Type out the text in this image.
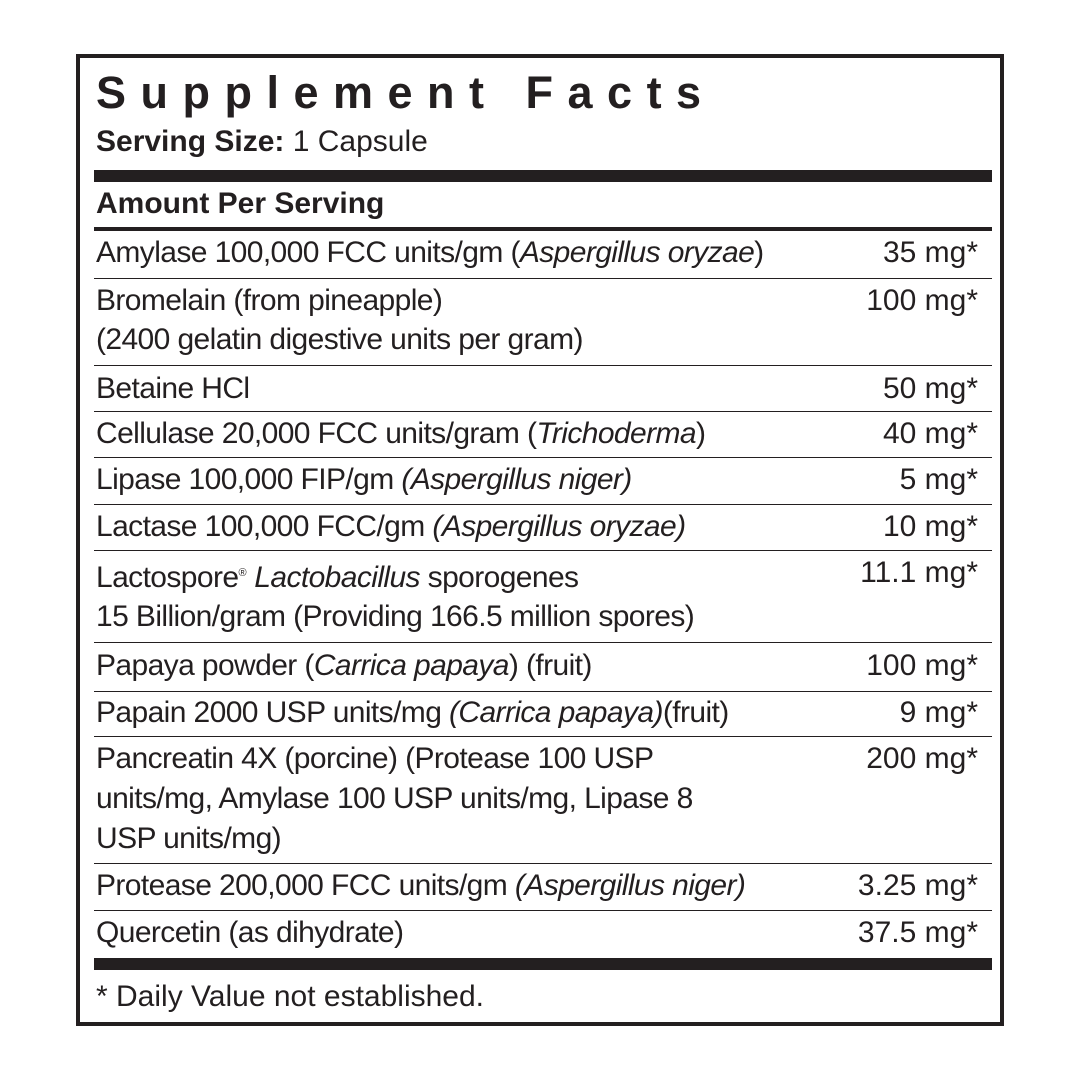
Supplement Facts
Serving Size: 1 Capsule
Amount Per Serving
Amylase 100,000 FCC units/gm (Aspergillus oryzae)	35 mg*
Bromelain (from pineapple)
(2400 gelatin digestive units per gram)
100 mg*
Betaine HCl	50 mg*
Cellulase 20,000 FCC units/gram (Trichoderma)	40 mg*
Lipase 100,000 FIP/gm (Aspergillus niger)	5 mg*
Lactase 100,000 FCC/gm (Aspergillus oryzae)	10 mg*
Lactospore® Lactobacillus sporogenes
15 Billion/gram (Providing 166.5 million spores)
11.1 mg*
Papaya powder (Carrica papaya) (fruit)	100 mg*
Papain 2000 USP units/mg (Carrica papaya)(fruit)	9 mg*
Pancreatin 4X (porcine) (Protease 100 USP
units/mg, Amylase 100 USP units/mg, Lipase 8
USP units/mg)
200 mg*
Protease 200,000 FCC units/gm (Aspergillus niger)	3.25 mg*
Quercetin (as dihydrate)	37.5 mg*
* Daily Value not established.
